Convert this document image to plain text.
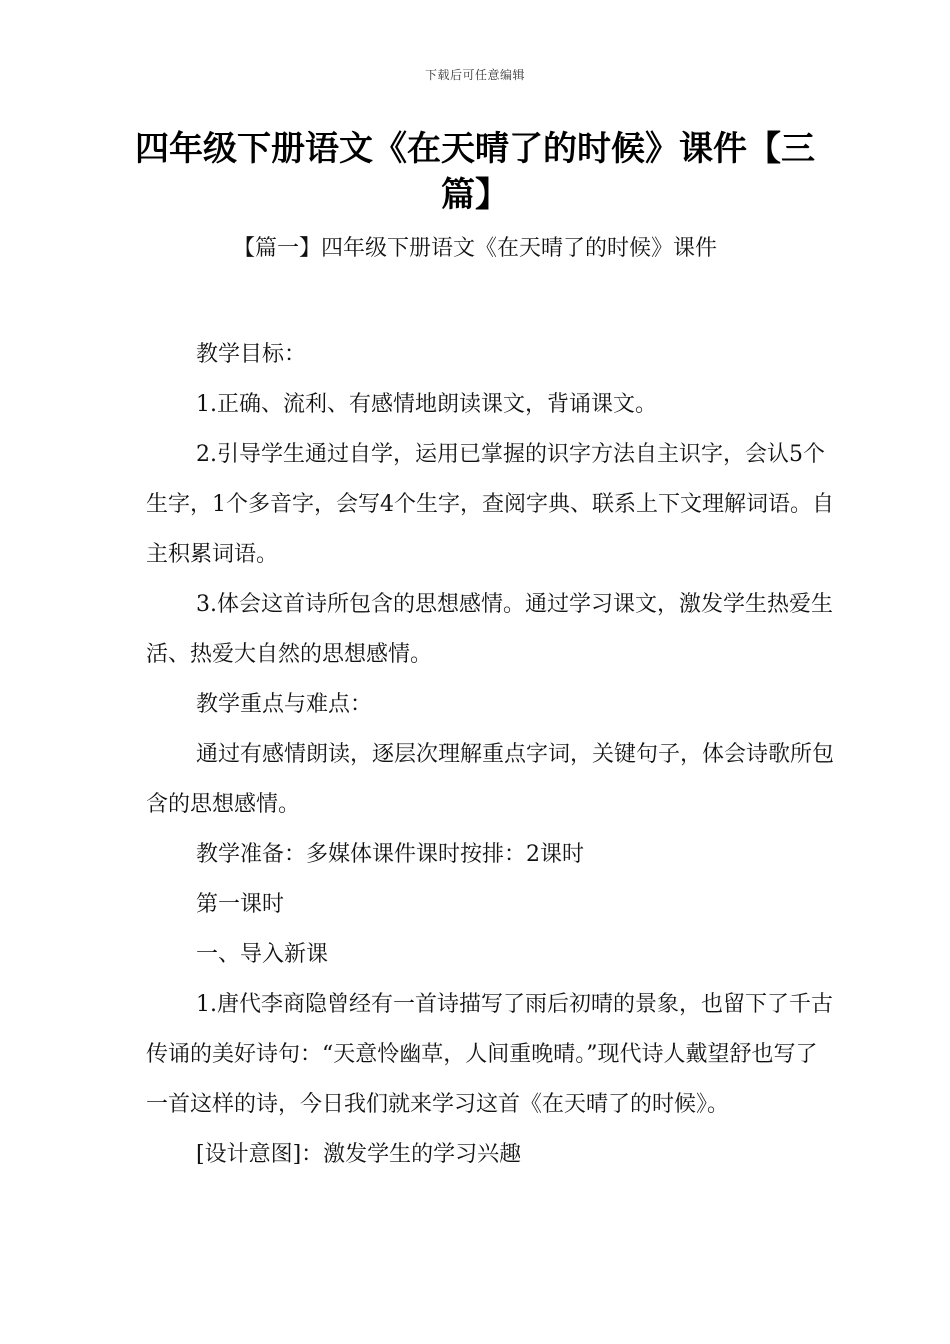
下载后可任意编辑
四年级下册语文《在天晴了的时候》课件【三篇】
【篇一】四年级下册语文《在天晴了的时候》课件

教学目标：

1.正确、流利、有感情地朗读课文，背诵课文。

2.引导学生通过自学，运用已掌握的识字方法自主识字，会认5个生字，1个多音字，会写4个生字，查阅字典、联系上下文理解词语。自主积累词语。

3.体会这首诗所包含的思想感情。通过学习课文，激发学生热爱生活、热爱大自然的思想感情。

教学重点与难点：

通过有感情朗读，逐层次理解重点字词，关键句子，体会诗歌所包含的思想感情。

教学准备：多媒体课件课时按排：2课时

第一课时

一、导入新课

1.唐代李商隐曾经有一首诗描写了雨后初晴的景象，也留下了千古传诵的美好诗句：“天意怜幽草，人间重晚晴。”现代诗人戴望舒也写了一首这样的诗，今日我们就来学习这首《在天晴了的时候》。

[设计意图]：激发学生的学习兴趣
